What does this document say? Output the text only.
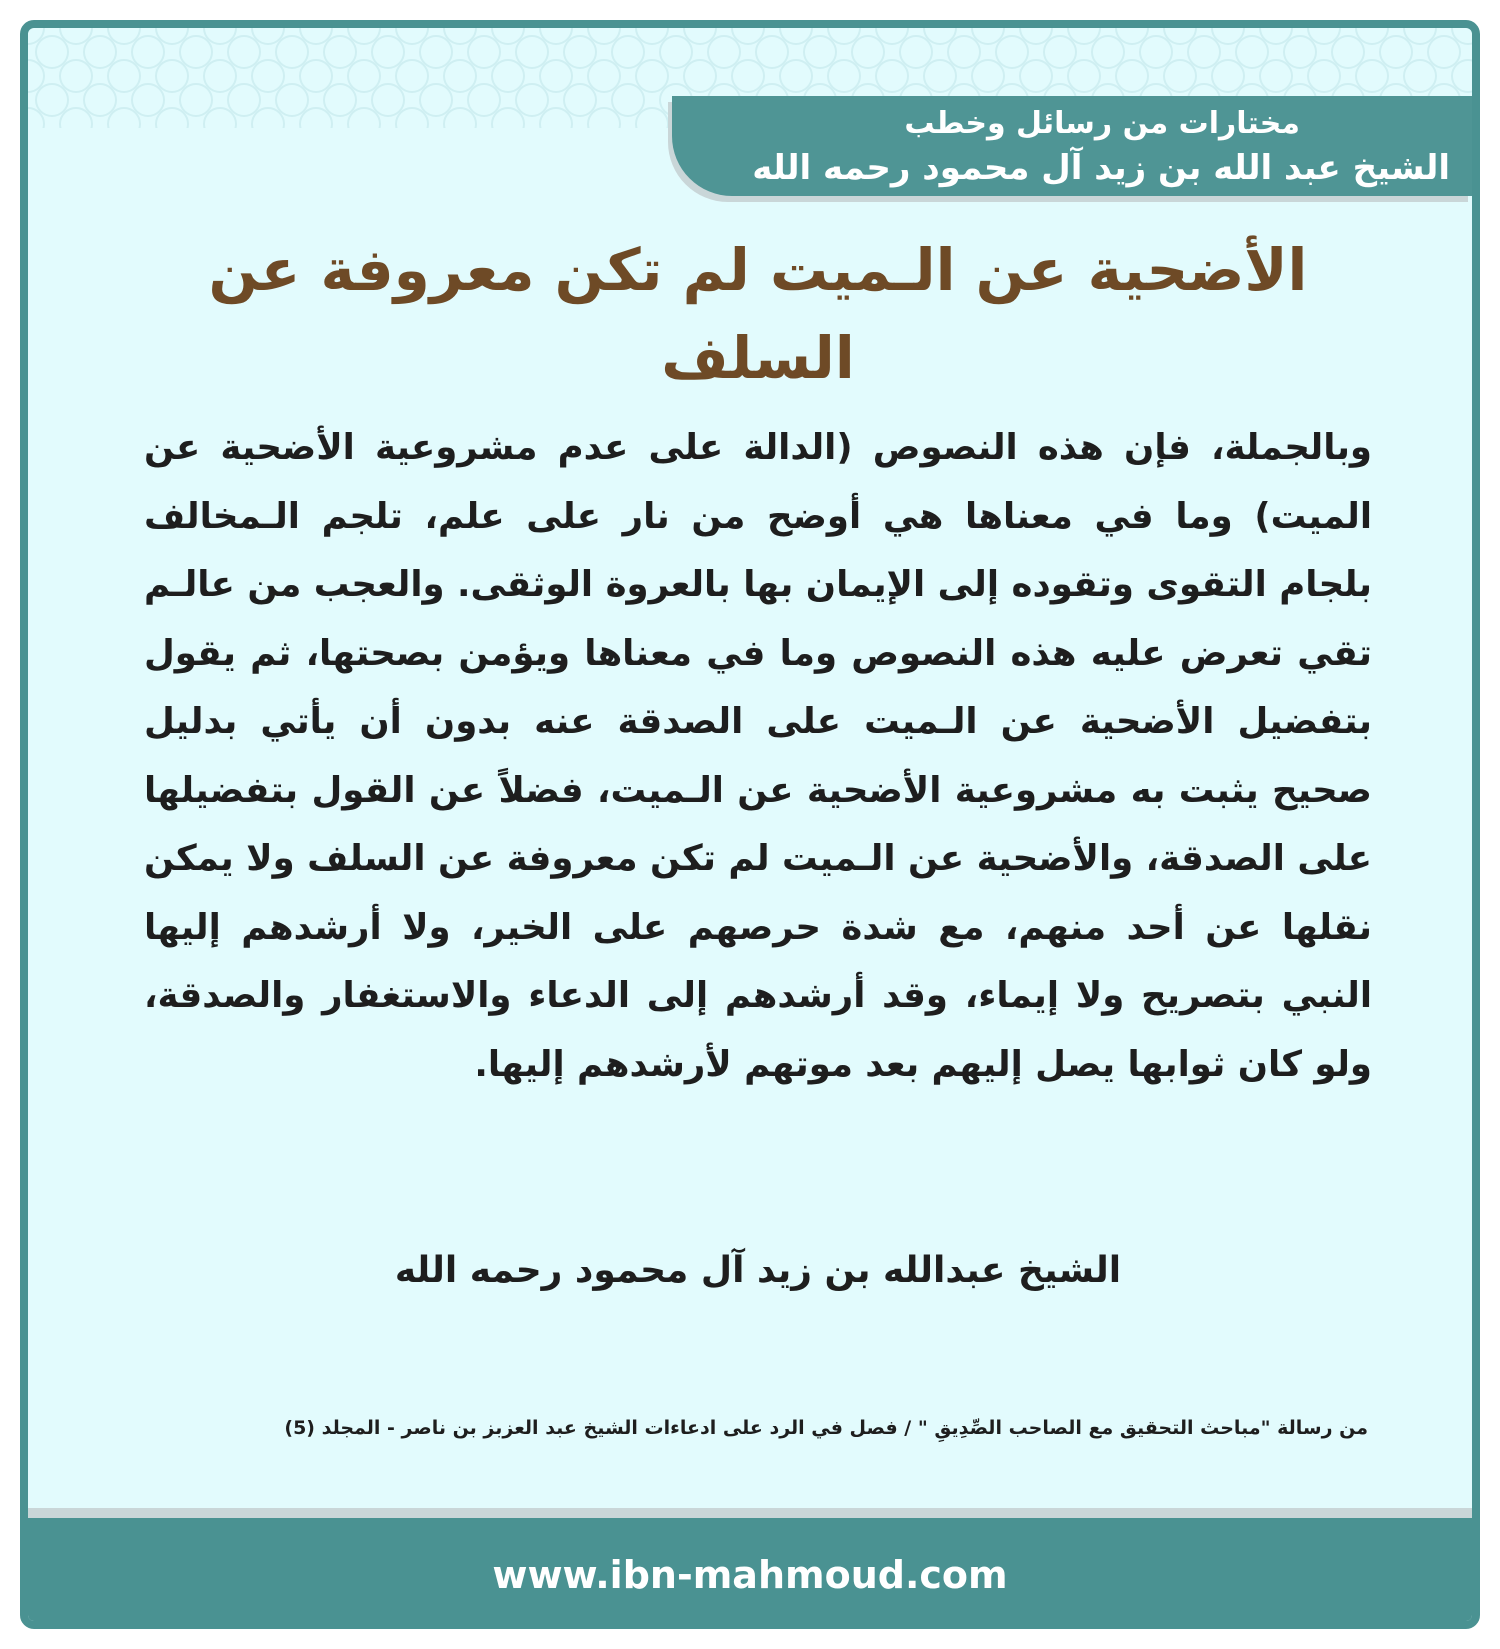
مختارات من رسائل وخطب
الشيخ عبد الله بن زيد آل محمود رحمه الله
الأضحية عن الـميت لم تكن معروفة عن السلف

وبالجملة، فإن هذه النصوص (الدالة على عدم مشروعية الأضحية عن الميت) وما في معناها هي أوضح من نار على علم، تلجم الـمخالف بلجام التقوى وتقوده إلى الإيمان بها بالعروة الوثقى. والعجب من عالـم تقي تعرض عليه هذه النصوص وما في معناها ويؤمن بصحتها، ثم يقول بتفضيل الأضحية عن الـميت على الصدقة عنه بدون أن يأتي بدليل صحيح يثبت به مشروعية الأضحية عن الـميت، فضلاً عن القول بتفضيلها على الصدقة، والأضحية عن الـميت لم تكن معروفة عن السلف ولا يمكن نقلها عن أحد منهم، مع شدة حرصهم على الخير، ولا أرشدهم إليها النبي بتصريح ولا إيماء، وقد أرشدهم إلى الدعاء والاستغفار والصدقة، ولو كان ثوابها يصل إليهم بعد موتهم لأرشدهم إليها.

الشيخ عبدالله بن زيد آل محمود رحمه الله

من رسالة "مباحث التحقيق مع الصاحب الصِّدِيقِ " / فصل في الرد على ادعاءات الشيخ عبد العزبز بن ناصر - المجلد (5)

www.ibn-mahmoud.com
